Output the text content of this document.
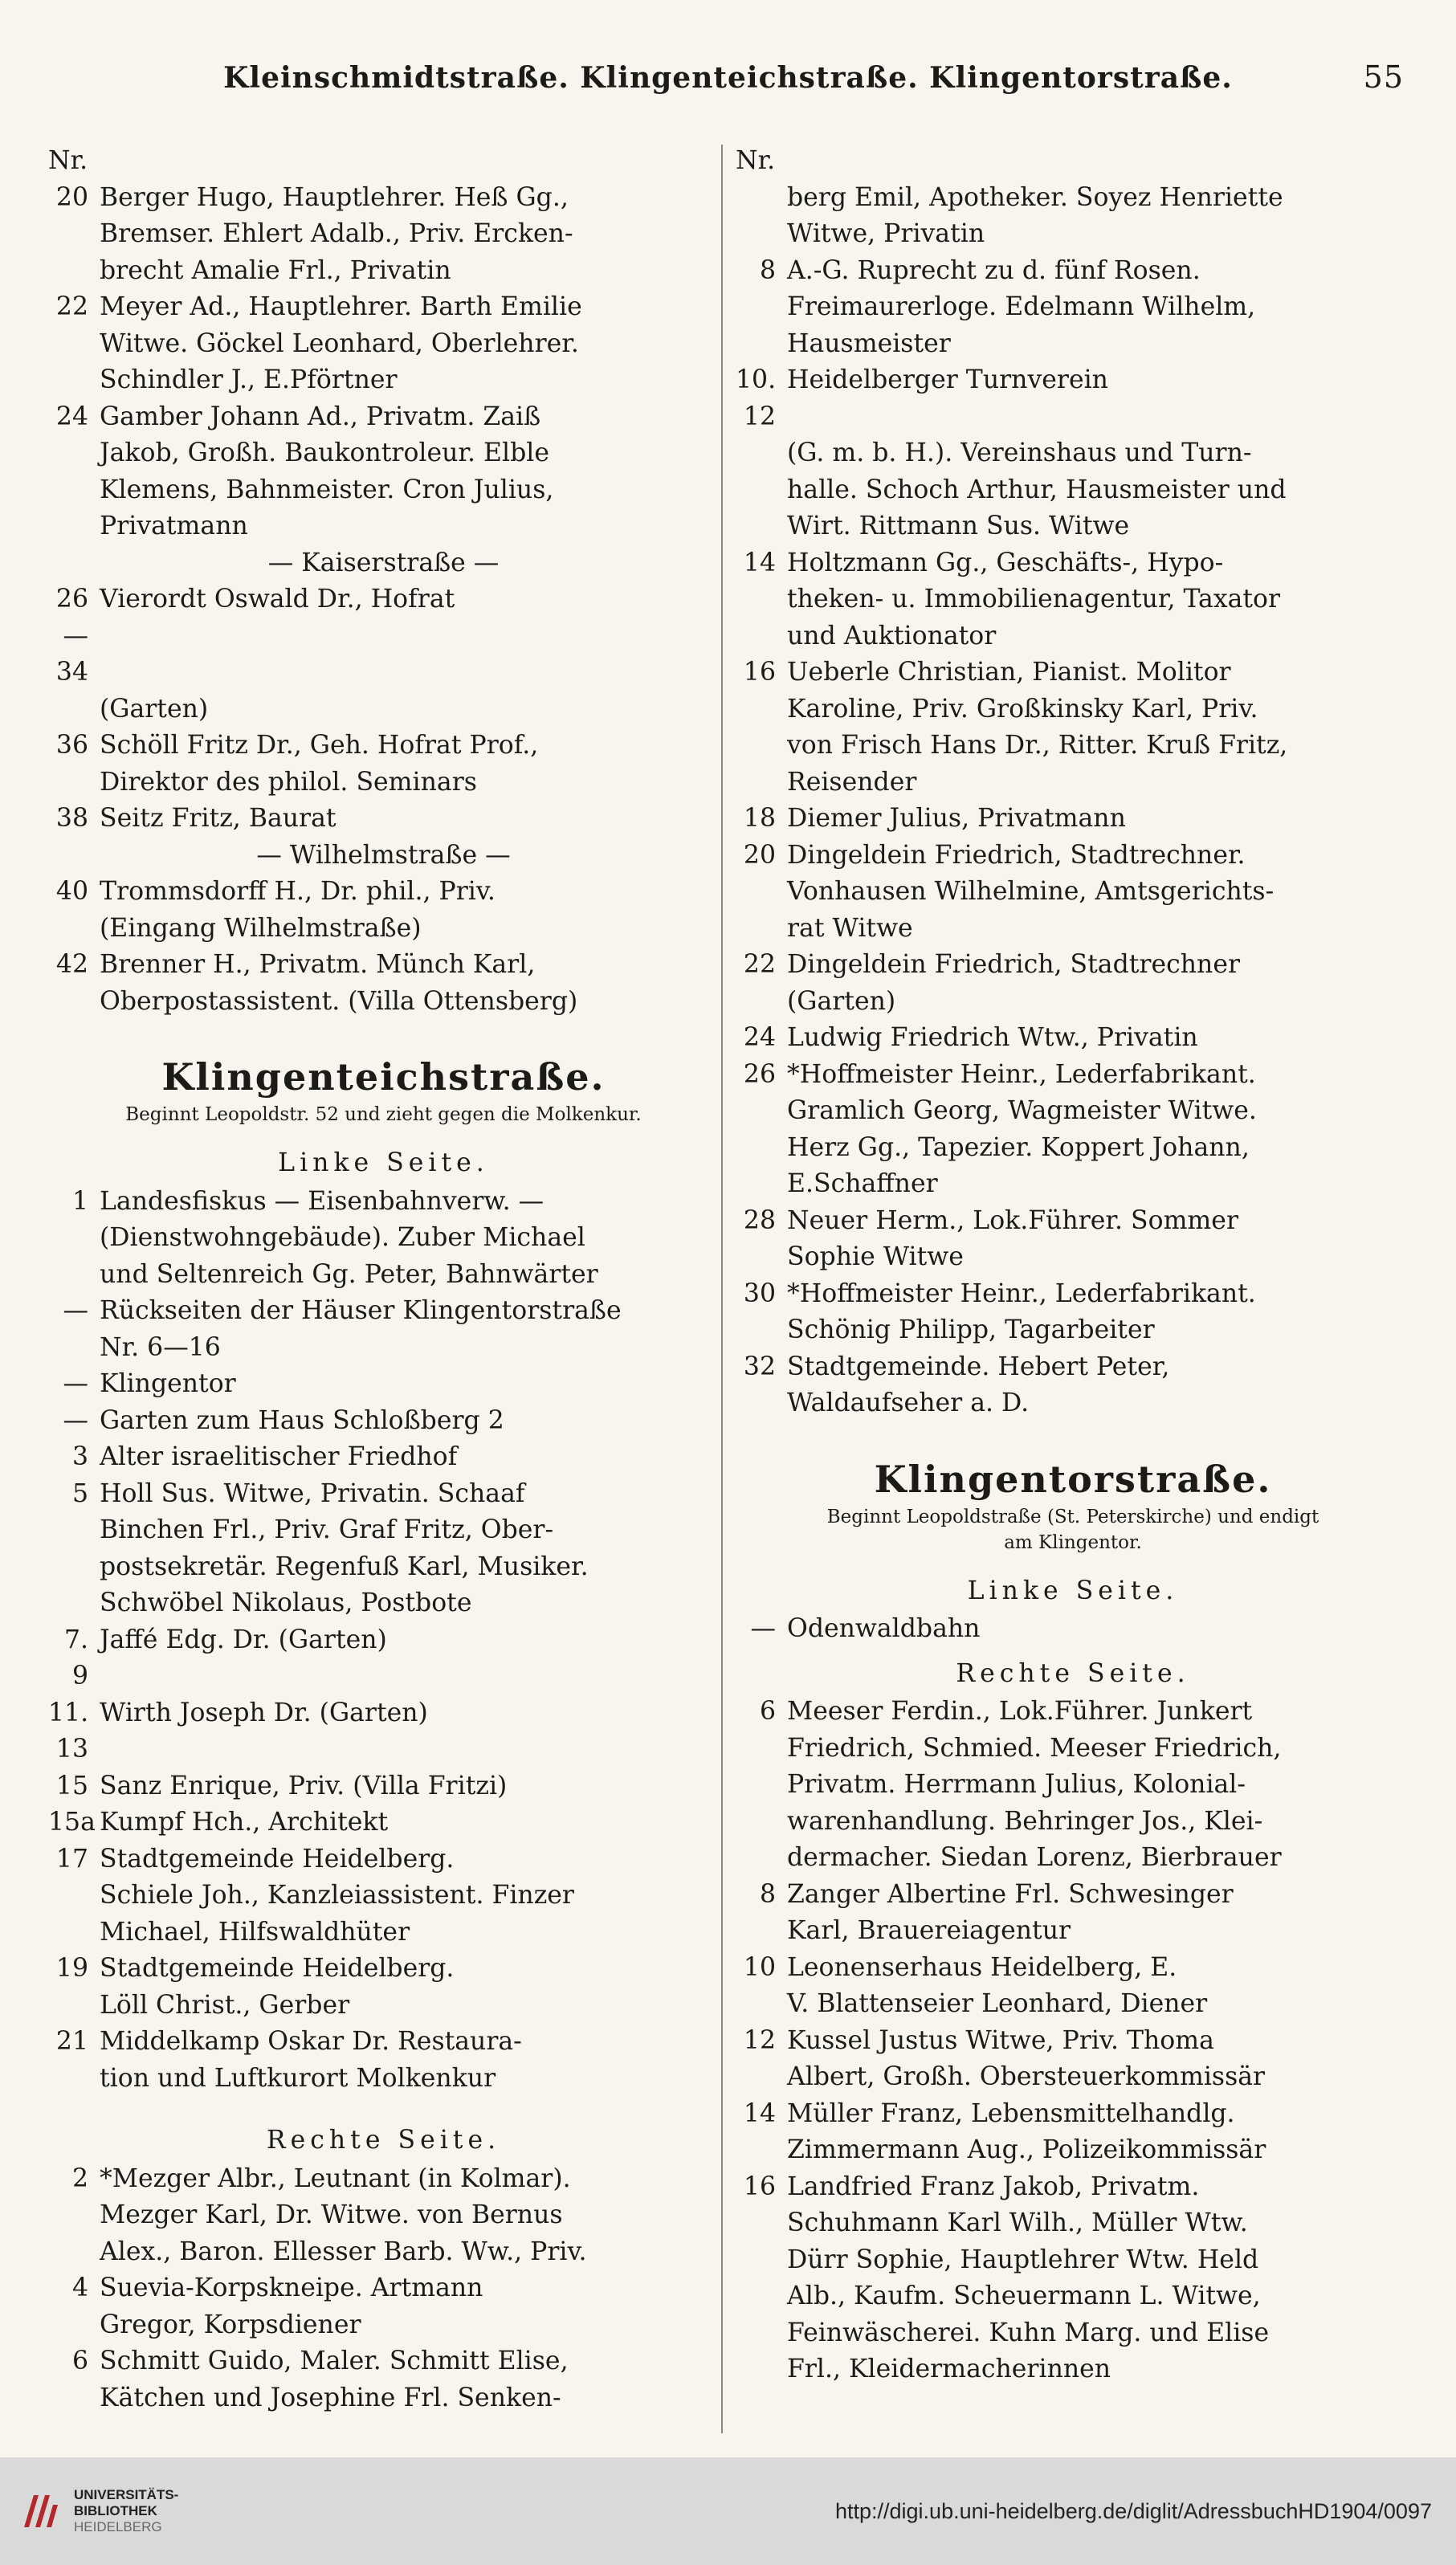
Kleinschmidtstraße. Klingenteichstraße. Klingentorstraße.	55
Nr.
20 Berger Hugo, Hauptlehrer. Heß Gg.,
Bremser. Ehlert Adalb., Priv. Ercken-
brecht Amalie Frl., Privatin
22 Meyer Ad., Hauptlehrer. Barth Emilie
Witwe. Göckel Leonhard, Oberlehrer.
Schindler J., E.Pförtner
24 Gamber Johann Ad., Privatm. Zaiß
Jakob, Großh. Baukontroleur. Elble
Klemens, Bahnmeister. Cron Julius,
Privatmann
— Kaiserstraße —
26—34
Vierordt Oswald Dr., Hofrat
(Garten)
36 Schöll Fritz Dr., Geh. Hofrat Prof.,
Direktor des philol. Seminars
38 Seitz Fritz, Baurat
— Wilhelmstraße —
40 Trommsdorff H., Dr. phil., Priv.
(Eingang Wilhelmstraße)
42 Brenner H., Privatm. Münch Karl,
Oberpostassistent. (Villa Ottensberg)
Klingenteichstraße.
Beginnt Leopoldstr. 52 und zieht gegen die Molkenkur.
Linke Seite.
1 Landesfiskus — Eisenbahnverw. —
(Dienstwohngebäude). Zuber Michael
und Seltenreich Gg. Peter, Bahnwärter
— Rückseiten der Häuser Klingentorstraße
Nr. 6—16
— Klingentor
— Garten zum Haus Schloßberg 2
3 Alter israelitischer Friedhof
5 Holl Sus. Witwe, Privatin. Schaaf
Binchen Frl., Priv. Graf Fritz, Ober-
postsekretär. Regenfuß Karl, Musiker.
Schwöbel Nikolaus, Postbote
7. 9
Jaffé Edg. Dr. (Garten)
11. 13
Wirth Joseph Dr. (Garten)
15 Sanz Enrique, Priv. (Villa Fritzi)
15a Kumpf Hch., Architekt
17 Stadtgemeinde Heidelberg.
Schiele Joh., Kanzleiassistent. Finzer
Michael, Hilfswaldhüter
19 Stadtgemeinde Heidelberg.
Löll Christ., Gerber
21 Middelkamp Oskar Dr. Restaura-
tion und Luftkurort Molkenkur
Rechte Seite.
2 *Mezger Albr., Leutnant (in Kolmar).
Mezger Karl, Dr. Witwe. von Bernus
Alex., Baron. Ellesser Barb. Ww., Priv.
4 Suevia-Korpskneipe. Artmann
Gregor, Korpsdiener
6 Schmitt Guido, Maler. Schmitt Elise,
Kätchen und Josephine Frl. Senken-
Nr.
berg Emil, Apotheker. Soyez Henriette
Witwe, Privatin
8 A.-G. Ruprecht zu d. fünf Rosen.
Freimaurerloge. Edelmann Wilhelm,
Hausmeister
10. 12
Heidelberger Turnverein
(G. m. b. H.). Vereinshaus und Turn-
halle. Schoch Arthur, Hausmeister und
Wirt. Rittmann Sus. Witwe
14 Holtzmann Gg., Geschäfts-, Hypo-
theken- u. Immobilienagentur, Taxator
und Auktionator
16 Ueberle Christian, Pianist. Molitor
Karoline, Priv. Großkinsky Karl, Priv.
von Frisch Hans Dr., Ritter. Kruß Fritz,
Reisender
18 Diemer Julius, Privatmann
20 Dingeldein Friedrich, Stadtrechner.
Vonhausen Wilhelmine, Amtsgerichts-
rat Witwe
22 Dingeldein Friedrich, Stadtrechner
(Garten)
24 Ludwig Friedrich Wtw., Privatin
26 *Hoffmeister Heinr., Lederfabrikant.
Gramlich Georg, Wagmeister Witwe.
Herz Gg., Tapezier. Koppert Johann,
E.Schaffner
28 Neuer Herm., Lok.Führer. Sommer
Sophie Witwe
30 *Hoffmeister Heinr., Lederfabrikant.
Schönig Philipp, Tagarbeiter
32 Stadtgemeinde. Hebert Peter,
Waldaufseher a. D.
Klingentorstraße.
Beginnt Leopoldstraße (St. Peterskirche) und endigt
am Klingentor.
Linke Seite.
— Odenwaldbahn
Rechte Seite.
6 Meeser Ferdin., Lok.Führer. Junkert
Friedrich, Schmied. Meeser Friedrich,
Privatm. Herrmann Julius, Kolonial-
warenhandlung. Behringer Jos., Klei-
dermacher. Siedan Lorenz, Bierbrauer
8 Zanger Albertine Frl. Schwesinger
Karl, Brauereiagentur
10 Leonenserhaus Heidelberg, E.
V. Blattenseier Leonhard, Diener
12 Kussel Justus Witwe, Priv. Thoma
Albert, Großh. Obersteuerkommissär
14 Müller Franz, Lebensmittelhandlg.
Zimmermann Aug., Polizeikommissär
16 Landfried Franz Jakob, Privatm.
Schuhmann Karl Wilh., Müller Wtw.
Dürr Sophie, Hauptlehrer Wtw. Held
Alb., Kaufm. Scheuermann L. Witwe,
Feinwäscherei. Kuhn Marg. und Elise
Frl., Kleidermacherinnen
UNIVERSITÄTS-
BIBLIOTHEK
HEIDELBERG
http://digi.ub.uni-heidelberg.de/diglit/AdressbuchHD1904/0097
